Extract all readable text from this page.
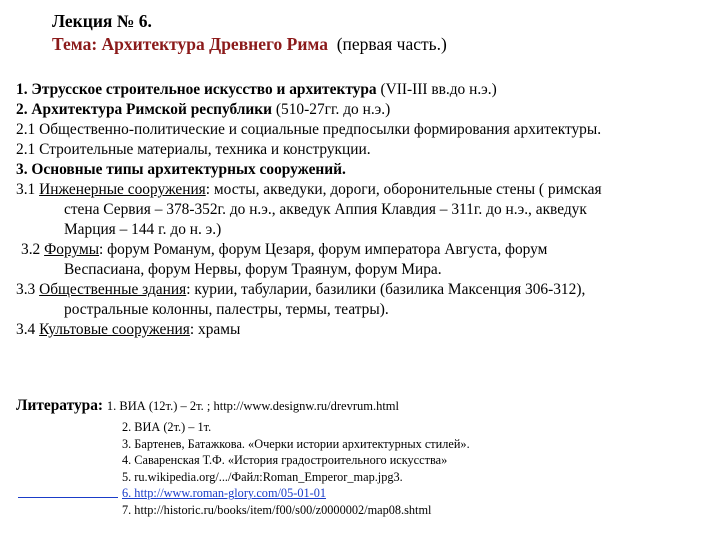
Лекция № 6.
Тема: Архитектура Древнего Рима (первая часть.)
1. Этрусское строительное искусство и архитектура (VII-III вв.до н.э.)
2. Архитектура Римской республики (510-27гг. до н.э.)
2.1 Общественно-политические и социальные предпосылки формирования архитектуры.
2.1 Строительные материалы, техника и конструкции.
3. Основные типы архитектурных сооружений.
3.1 Инженерные сооружения: мосты, акведуки, дороги, оборонительные стены ( римская
стена Сервия – 378-352г. до н.э., акведук Аппия Клавдия – 311г. до н.э., акведук
Марция – 144 г. до н. э.)
3.2 Форумы: форум Романум, форум Цезаря, форум императора Августа, форум
Веспасиана, форум Нервы, форум Траянум, форум Мира.
3.3 Общественные здания: курии, табуларии, базилики (базилика Максенция 306-312),
ростральные колонны, палестры, термы, театры).
3.4 Культовые сооружения: храмы
Литература: 1. ВИА (12т.) – 2т. ; http://www.designw.ru/drevrum.html
2. ВИА (2т.) – 1т.
3. Бартенев, Батажкова. «Очерки истории архитектурных стилей».
4. Саваренская Т.Ф. «История градостроительного искусства»
5. ru.wikipedia.org/.../Файл:Roman_Emperor_map.jpg3.
6. http://www.roman-glory.com/05-01-01
7. http://historic.ru/books/item/f00/s00/z0000002/map08.shtml
